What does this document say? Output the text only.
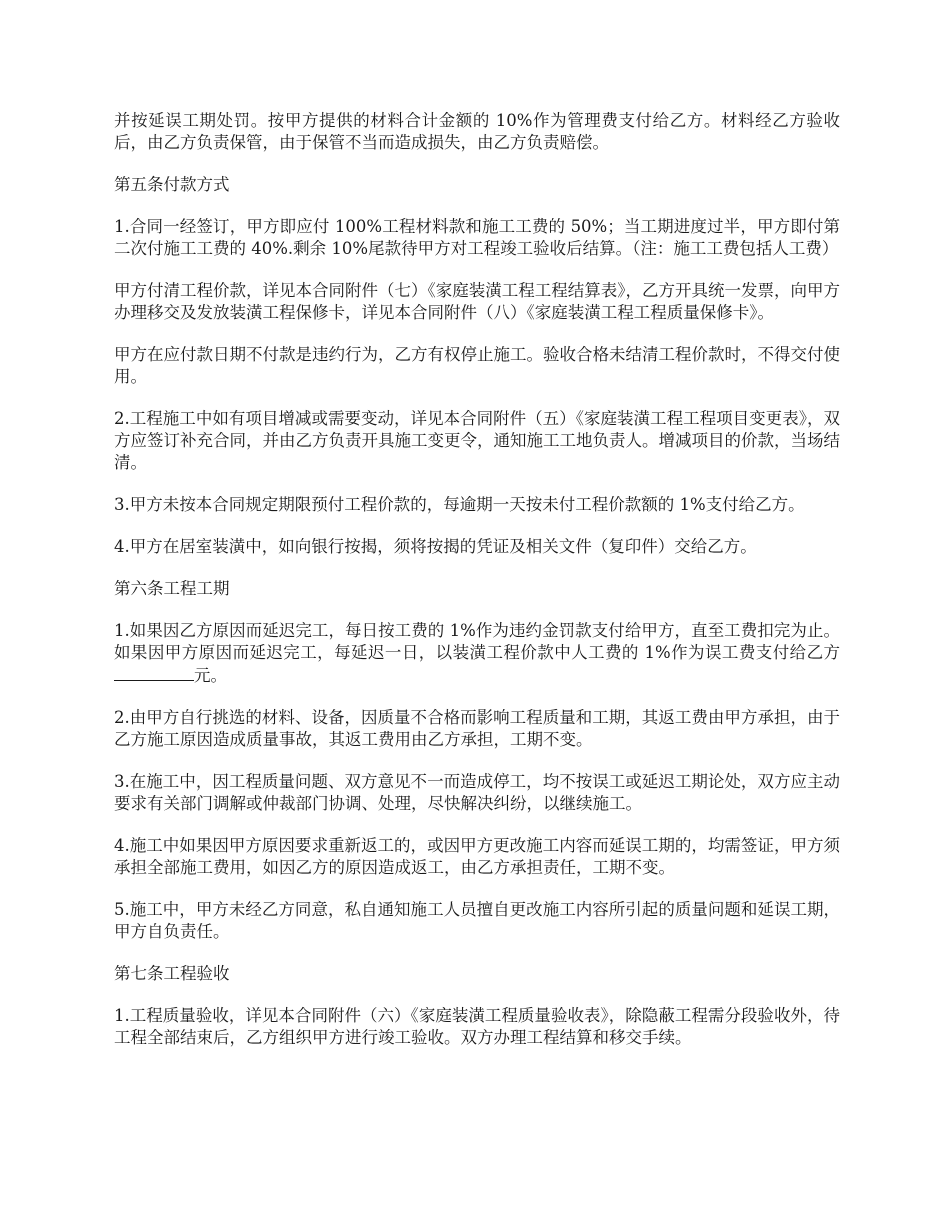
并按延误工期处罚。按甲方提供的材料合计金额的 10%作为管理费支付给乙方。材料经乙方验收后，由乙方负责保管，由于保管不当而造成损失，由乙方负责赔偿。

第五条付款方式

1.合同一经签订，甲方即应付 100%工程材料款和施工工费的 50%；当工期进度过半，甲方即付第二次付施工工费的 40%.剩余 10%尾款待甲方对工程竣工验收后结算。（注：施工工费包括人工费）

甲方付清工程价款，详见本合同附件（七）《家庭装潢工程工程结算表》，乙方开具统一发票，向甲方办理移交及发放装潢工程保修卡，详见本合同附件（八）《家庭装潢工程工程质量保修卡》。

甲方在应付款日期不付款是违约行为，乙方有权停止施工。验收合格未结清工程价款时，不得交付使用。

2.工程施工中如有项目增减或需要变动，详见本合同附件（五）《家庭装潢工程工程项目变更表》，双方应签订补充合同，并由乙方负责开具施工变更令，通知施工工地负责人。增减项目的价款，当场结清。

3.甲方未按本合同规定期限预付工程价款的，每逾期一天按未付工程价款额的 1%支付给乙方。

4.甲方在居室装潢中，如向银行按揭，须将按揭的凭证及相关文件（复印件）交给乙方。

第六条工程工期

1.如果因乙方原因而延迟完工，每日按工费的 1%作为违约金罚款支付给甲方，直至工费扣完为止。如果因甲方原因而延迟完工，每延迟一日，以装潢工程价款中人工费的 1%作为误工费支付给乙方元。

2.由甲方自行挑选的材料、设备，因质量不合格而影响工程质量和工期，其返工费由甲方承担，由于乙方施工原因造成质量事故，其返工费用由乙方承担，工期不变。

3.在施工中，因工程质量问题、双方意见不一而造成停工，均不按误工或延迟工期论处，双方应主动要求有关部门调解或仲裁部门协调、处理，尽快解决纠纷，以继续施工。

4.施工中如果因甲方原因要求重新返工的，或因甲方更改施工内容而延误工期的，均需签证，甲方须承担全部施工费用，如因乙方的原因造成返工，由乙方承担责任，工期不变。

5.施工中，甲方未经乙方同意，私自通知施工人员擅自更改施工内容所引起的质量问题和延误工期，甲方自负责任。

第七条工程验收

1.工程质量验收，详见本合同附件（六）《家庭装潢工程质量验收表》，除隐蔽工程需分段验收外，待工程全部结束后，乙方组织甲方进行竣工验收。双方办理工程结算和移交手续。
